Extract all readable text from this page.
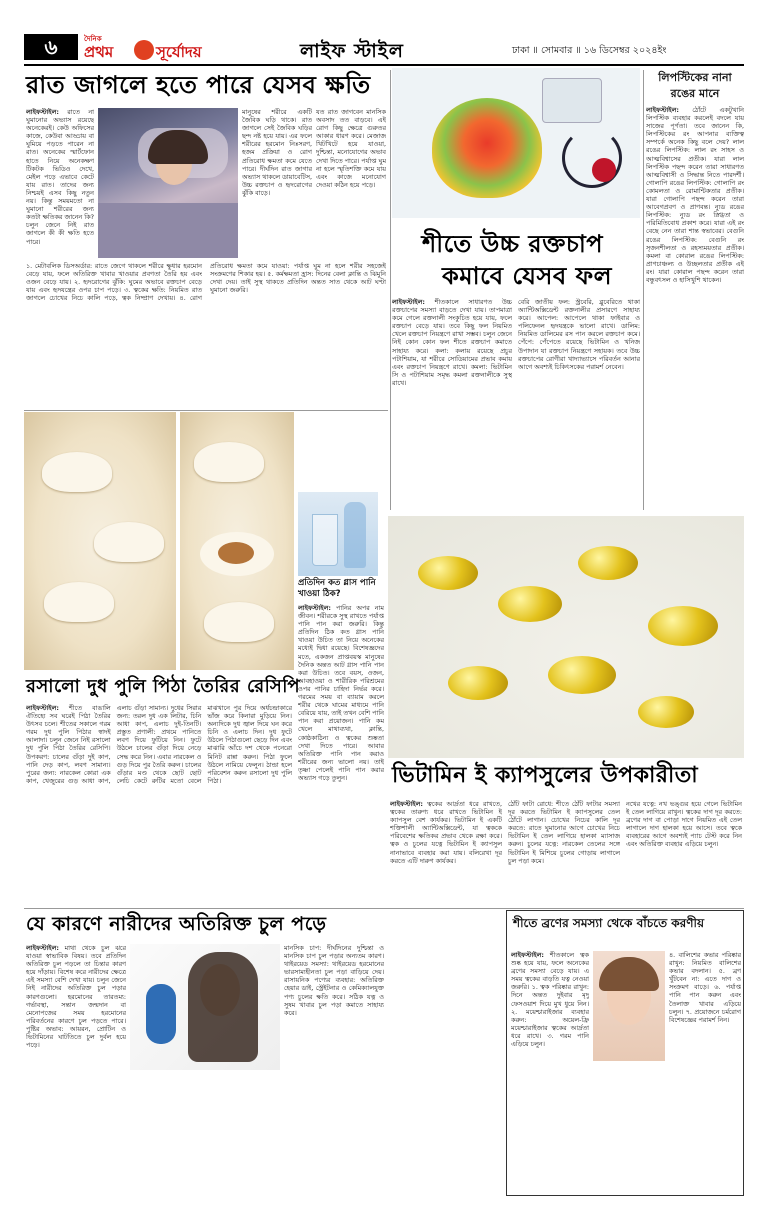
৬	দৈনিক
প্রথম	সূর্যোদয়	লাইফ স্টাইল	ঢাকা ॥ সোমবার ॥ ১৬ ডিসেম্বর ২০২৪ইং
রাত জাগলে হতে পারে যেসব ক্ষতি
লাইফস্টাইল: রাতে না ঘুমানোর অভ্যাস রয়েছে অনেকেরই। কেউ অফিসের কাজে, কেউবা আড্ডায় বা ঘুমিয়ে পড়তে পারেন না রাত। অনেকের স্মার্টফোন হাতে নিয়ে অনেকক্ষণ টিকটক ভিডিও দেখে, মেইল পড়ে এভাবে কেটে যায় রাত। তাদের জন্য নিশ্চয়ই এসব কিছু নতুন নয়। কিন্তু সময়মতো না ঘুমানো শরীরের জন্য কতটা ক্ষতিকর জানেন কি? চলুন জেনে নিই রাত জাগলে কী কী ক্ষতি হতে পারে।
মানুষের শরীরে একটি জৈবিক ঘড়ি থাকে। রাত জাগলে সেই জৈবিক ঘড়ির ছন্দ নষ্ট হয়ে যায়। এর ফলে শরীরের হরমোন নিঃসরণ, হজম প্রক্রিয়া ও রোগ প্রতিরোধ ক্ষমতা কমে যেতে পারে। দীর্ঘদিন রাত জাগার অভ্যাস থাকলে ডায়াবেটিস, উচ্চ রক্তচাপ ও হৃদরোগের ঝুঁকি বাড়ে।
যত রাত জাগবেন মানসিক অবসাদ তত বাড়বে। এই রোগ কিছু ক্ষেত্রে গুরুতর আকার ধারণ করে। মেজাজ খিটখিটে হয়ে যাওয়া, দুশ্চিন্তা, মনোযোগের অভাব দেখা দিতে পারে। পর্যাপ্ত ঘুম না হলে স্মৃতিশক্তি কমে যায় এবং কাজে মনোযোগ দেওয়া কঠিন হয়ে পড়ে।
১. মেটাবলিক ডিসঅর্ডার: রাতে জেগে থাকলে শরীরে ক্ষুধার হরমোন বেড়ে যায়, ফলে অতিরিক্ত খাবার খাওয়ার প্রবণতা তৈরি হয় এবং ওজন বেড়ে যায়। ২. হৃদরোগের ঝুঁকি: ঘুমের অভাবে রক্তচাপ বেড়ে যায় এবং হৃদযন্ত্রের ওপর চাপ পড়ে। ৩. ত্বকের ক্ষতি: নিয়মিত রাত জাগলে চোখের নিচে কালি পড়ে, ত্বক নিষ্প্রাণ দেখায়। ৪. রোগ প্রতিরোধ ক্ষমতা কমে যাওয়া: পর্যাপ্ত ঘুম না হলে শরীর সহজেই সংক্রমণের শিকার হয়। ৫. কর্মক্ষমতা হ্রাস: দিনের বেলা ক্লান্তি ও ঝিমুনি দেখা দেয়। তাই সুস্থ থাকতে প্রতিদিন অন্তত সাত থেকে আট ঘণ্টা ঘুমানো জরুরি।
শীতে উচ্চ রক্তচাপ
কমাবে যেসব ফল
লাইফস্টাইল: শীতকালে সাধারণত উচ্চ রক্তচাপের সমস্যা বাড়তে দেখা যায়। তাপমাত্রা কমে গেলে রক্তনালী সংকুচিত হয়ে যায়, ফলে রক্তচাপ বেড়ে যায়। তবে কিছু ফল নিয়মিত খেলে রক্তচাপ নিয়ন্ত্রণে রাখা সম্ভব। চলুন জেনে নিই কোন কোন ফল শীতে রক্তচাপ কমাতে সাহায্য করে। কলা: কলায় রয়েছে প্রচুর পটাশিয়াম, যা শরীরে সোডিয়ামের প্রভাব কমায় এবং রক্তচাপ নিয়ন্ত্রণে রাখে। কমলা: ভিটামিন সি ও পটাশিয়াম সমৃদ্ধ কমলা রক্তনালীকে সুস্থ রাখে।
বেরি জাতীয় ফল: স্ট্রবেরি, ব্লুবেরিতে থাকা অ্যান্টিঅক্সিডেন্ট রক্তনালীর প্রসারণে সাহায্য করে। আপেল: আপেলে থাকা ফাইবার ও পলিফেনল হৃদযন্ত্রকে ভালো রাখে। ডালিম: নিয়মিত ডালিমের রস পান করলে রক্তচাপ কমে। পেঁপে: পেঁপেতে রয়েছে ভিটামিন ও খনিজ উপাদান যা রক্তচাপ নিয়ন্ত্রণে সহায়ক। তবে উচ্চ রক্তচাপের রোগীরা খাদ্যাভ্যাসে পরিবর্তন আনার আগে অবশ্যই চিকিৎসকের পরামর্শ নেবেন।
লিপস্টিকের নানা রঙের মানে
লাইফস্টাইল: ঠোঁটে একটুখানি লিপস্টিক ব্যবহার করলেই বদলে যায় সাজের পূর্ণতা। তবে জানেন কি, লিপস্টিকের রং আপনার ব্যক্তিত্ব সম্পর্কে অনেক কিছু বলে দেয়? লাল রঙের লিপস্টিক: লাল রং সাহস ও আত্মবিশ্বাসের প্রতীক। যারা লাল লিপস্টিক পছন্দ করেন তারা সাধারণত আত্মবিশ্বাসী ও সিদ্ধান্ত নিতে পারদর্শী। গোলাপি রঙের লিপস্টিক: গোলাপি রং কোমলতা ও রোমান্টিকতার প্রতীক। যারা গোলাপি পছন্দ করেন তারা আবেগপ্রবণ ও প্রাণবন্ত। ন্যুড রঙের লিপস্টিক: ন্যুড রং স্নিগ্ধতা ও পরিমিতিবোধ প্রকাশ করে। যারা এই রং বেছে নেন তারা শান্ত স্বভাবের। বেগুনি রঙের লিপস্টিক: বেগুনি রং সৃজনশীলতা ও রহস্যময়তার প্রতীক। কমলা বা কোরাল রঙের লিপস্টিক: প্রাণচাঞ্চল্য ও উচ্ছলতার প্রতীক এই রং। যারা কোরাল পছন্দ করেন তারা বন্ধুবৎসল ও হাসিখুশি থাকেন।
প্রতিদিন কত গ্লাস পানি খাওয়া ঠিক?
লাইফস্টাইল: পানির অপর নাম জীবন। শরীরকে সুস্থ রাখতে পর্যাপ্ত পানি পান করা জরুরি। কিন্তু প্রতিদিন ঠিক কত গ্লাস পানি খাওয়া উচিত তা নিয়ে অনেকের মধ্যেই দ্বিধা রয়েছে। বিশেষজ্ঞদের মতে, একজন প্রাপ্তবয়স্ক মানুষের দৈনিক অন্তত আট গ্লাস পানি পান করা উচিত। তবে বয়স, ওজন, আবহাওয়া ও শারীরিক পরিশ্রমের ওপর পানির চাহিদা নির্ভর করে। গরমের সময় বা ব্যায়াম করলে শরীর থেকে ঘামের মাধ্যমে পানি বেরিয়ে যায়, তাই তখন বেশি পানি পান করা প্রয়োজন। পানি কম খেলে মাথাব্যথা, ক্লান্তি, কোষ্ঠকাঠিন্য ও ত্বকের শুষ্কতা দেখা দিতে পারে। আবার অতিরিক্ত পানি পান করাও শরীরের জন্য ভালো নয়। তাই তৃষ্ণা পেলেই পানি পান করার অভ্যাস গড়ে তুলুন।
রসালো দুধ পুলি পিঠা তৈরির রেসিপি
লাইফস্টাইল: শীতে বাঙালি ঐতিহ্যে সব ঘরেই পিঠা তৈরির উৎসব চলে। শীতের সকালে গরম গরম দুধ পুলি পিঠার স্বাদই আলাদা। চলুন জেনে নিই রসালো দুধ পুলি পিঠা তৈরির রেসিপি। উপকরণ: চালের গুঁড়া দুই কাপ, পানি দেড় কাপ, লবণ সামান্য। পুরের জন্য: নারকেল কোরা এক কাপ, খেজুরের গুড় আধা কাপ, এলাচ গুঁড়া সামান্য। দুধের সিরার জন্য: তরল দুধ এক লিটার, চিনি আধা কাপ, এলাচ দুই-তিনটি। প্রস্তুত প্রণালী: প্রথমে পানিতে লবণ দিয়ে ফুটিয়ে নিন। ফুটে উঠলে চালের গুঁড়া দিয়ে নেড়ে সেদ্ধ করে নিন। এবার নারকেল ও গুড় দিয়ে পুর তৈরি করুন। চালের গুঁড়ার মণ্ড থেকে ছোট ছোট লেচি কেটে রুটির মতো বেলে মাঝখানে পুর দিয়ে অর্ধচন্দ্রাকারে ভাঁজ করে কিনারা মুড়িয়ে নিন। অন্যদিকে দুধ জ্বাল দিয়ে ঘন করে চিনি ও এলাচ দিন। দুধ ফুটে উঠলে পিঠাগুলো ছেড়ে দিন এবং মাঝারি আঁচে দশ থেকে পনেরো মিনিট রান্না করুন। পিঠা ফুলে উঠলে নামিয়ে ফেলুন। ঠান্ডা হলে পরিবেশন করুন রসালো দুধ পুলি পিঠা।	ভিটামিন ই ক্যাপসুলের উপকারীতা
লাইফস্টাইল: ত্বকের আর্দ্রতা ধরে রাখতে, ত্বকের তারুণ্য ধরে রাখতে ভিটামিন ই ক্যাপসুল বেশ কার্যকর। ভিটামিন ই একটি শক্তিশালী অ্যান্টিঅক্সিডেন্ট, যা ত্বককে পরিবেশের ক্ষতিকর প্রভাব থেকে রক্ষা করে। ত্বক ও চুলের যত্নে ভিটামিন ই ক্যাপসুল নানাভাবে ব্যবহার করা যায়। বলিরেখা দূর করতে এটি দারুণ কার্যকর।
ঠোঁট ফাটা রোধে: শীতে ঠোঁট ফাটার সমস্যা দূর করতে ভিটামিন ই ক্যাপসুলের তেল ঠোঁটে লাগান। চোখের নিচের কালি দূর করতে: রাতে ঘুমানোর আগে চোখের নিচে ভিটামিন ই তেল লাগিয়ে হালকা ম্যাসাজ করুন। চুলের যত্নে: নারকেল তেলের সঙ্গে ভিটামিন ই মিশিয়ে চুলের গোড়ায় লাগালে চুল পড়া কমে।
নখের যত্নে: নখ ভঙ্গুর হয়ে গেলে ভিটামিন ই তেল লাগিয়ে রাখুন। ত্বকের দাগ দূর করতে: ব্রণের দাগ বা পোড়া দাগে নিয়মিত এই তেল লাগালে দাগ হালকা হয়ে আসে। তবে ত্বকে ব্যবহারের আগে অবশ্যই প্যাচ টেস্ট করে নিন এবং অতিরিক্ত ব্যবহার এড়িয়ে চলুন।
শীতে ব্রণের সমস্যা থেকে বাঁচতে করণীয়
লাইফস্টাইল: শীতকালে ত্বক শুষ্ক হয়ে যায়, ফলে অনেকের ব্রণের সমস্যা বেড়ে যায়। এ সময় ত্বকের বাড়তি যত্ন নেওয়া জরুরি। ১. ত্বক পরিষ্কার রাখুন: দিনে অন্তত দুইবার মৃদু ফেসওয়াশ দিয়ে মুখ ধুয়ে নিন। ২. ময়েশ্চারাইজার ব্যবহার করুন: অয়েল-ফ্রি ময়েশ্চারাইজার ত্বকের আর্দ্রতা ধরে রাখে। ৩. গরম পানি এড়িয়ে চলুন।
৪. বালিশের কভার পরিষ্কার রাখুন: নিয়মিত বালিশের কভার বদলান। ৫. ব্রণ খুঁটবেন না: এতে দাগ ও সংক্রমণ বাড়ে। ৬. পর্যাপ্ত পানি পান করুন এবং তৈলাক্ত খাবার এড়িয়ে চলুন। ৭. প্রয়োজনে চর্মরোগ বিশেষজ্ঞের পরামর্শ নিন।
যে কারণে নারীদের অতিরিক্ত চুল পড়ে
লাইফস্টাইল: মাথা থেকে চুল ঝরে যাওয়া স্বাভাবিক বিষয়। তবে প্রতিদিন অতিরিক্ত চুল পড়লে তা চিন্তার কারণ হয়ে দাঁড়ায়। বিশেষ করে নারীদের ক্ষেত্রে এই সমস্যা বেশি দেখা যায়। চলুন জেনে নিই নারীদের অতিরিক্ত চুল পড়ার কারণগুলো। হরমোনের তারতম্য: গর্ভাবস্থা, সন্তান জন্মদান বা মেনোপজের সময় হরমোনের পরিবর্তনের কারণে চুল পড়তে পারে। পুষ্টির অভাব: আয়রন, প্রোটিন ও ভিটামিনের ঘাটতিতে চুল দুর্বল হয়ে পড়ে।
মানসিক চাপ: দীর্ঘদিনের দুশ্চিন্তা ও মানসিক চাপ চুল পড়ার অন্যতম কারণ। থাইরয়েড সমস্যা: থাইরয়েড হরমোনের ভারসাম্যহীনতা চুল পড়া বাড়িয়ে দেয়। রাসায়নিক পণ্যের ব্যবহার: অতিরিক্ত হেয়ার ডাই, স্ট্রেইটনার ও কেমিক্যালযুক্ত পণ্য চুলের ক্ষতি করে। সঠিক যত্ন ও সুষম খাবার চুল পড়া কমাতে সাহায্য করে।
